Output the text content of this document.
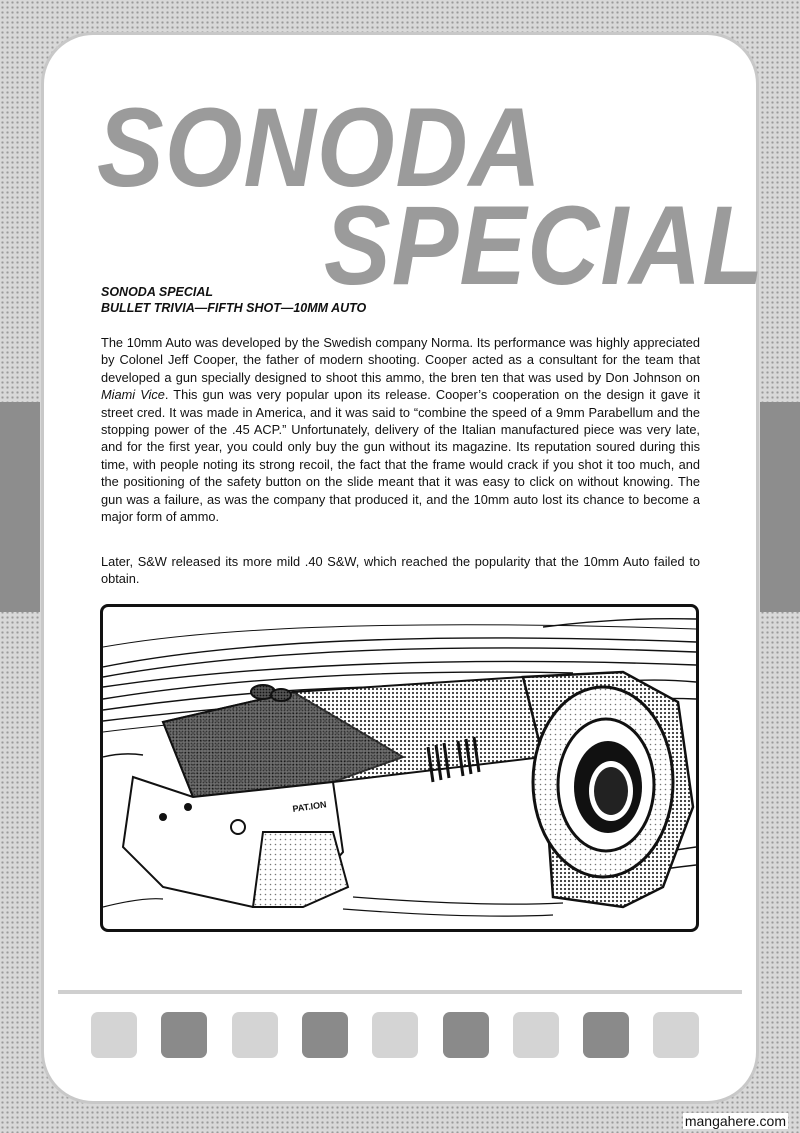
SONODA
SPECIAL
SONODA SPECIAL
BULLET TRIVIA—FIFTH SHOT—10MM AUTO

The 10mm Auto was developed by the Swedish company Norma. Its performance was highly appreciated by Colonel Jeff Cooper, the father of modern shooting. Cooper acted as a consultant for the team that developed a gun specially designed to shoot this ammo, the bren ten that was used by Don Johnson on Miami Vice. This gun was very popular upon its release. Cooper’s cooperation on the design it gave it street cred. It was made in America, and it was said to “combine the speed of a 9mm Parabellum and the stopping power of the .45 ACP.” Unfortunately, delivery of the Italian manufactured piece was very late, and for the first year, you could only buy the gun without its magazine. Its reputation soured during this time, with people noting its strong recoil, the fact that the frame would crack if you shot it too much, and the positioning of the safety button on the slide meant that it was easy to click on without knowing. The gun was a failure, as was the company that produced it, and the 10mm auto lost its chance to become a major form of ammo.

Later, S&W released its more mild .40 S&W, which reached the popularity that the 10mm Auto failed to obtain.

PAT.ION
mangahere.com
